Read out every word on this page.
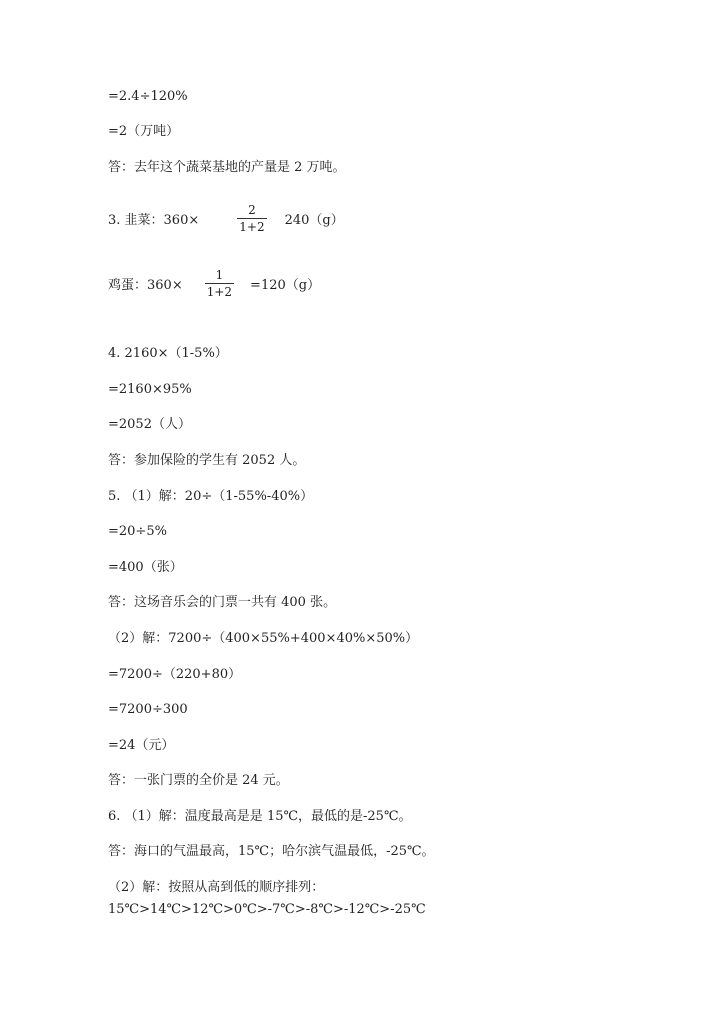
=2.4÷120%
=2（万吨）
答：去年这个蔬菜基地的产量是 2 万吨。
3. 韭菜：360×	$\frac{2}{1+2} 240(g)$
鸡蛋：$360\times \frac{1}{1+2} =120(g)$
4. 2160×（1-5%）
=2160×95%
=2052（人）
答：参加保险的学生有 2052 人。
5. （1）解：20÷（1-55%-40%）
=20÷5%
=400（张）
答：这场音乐会的门票一共有 400 张。
（2）解：7200÷（400×55%+400×40%×50%）
=7200÷（220+80）
=7200÷300
=24（元）
答：一张门票的全价是 24 元。
6. （1）解：温度最高是是 15℃，最低的是-25℃。
答：海口的气温最高，15℃；哈尔滨气温最低，-25℃。
（2）解：按照从高到低的顺序排列：15℃>14℃>12℃>0℃>-7℃>-8℃>-12℃>-25℃
